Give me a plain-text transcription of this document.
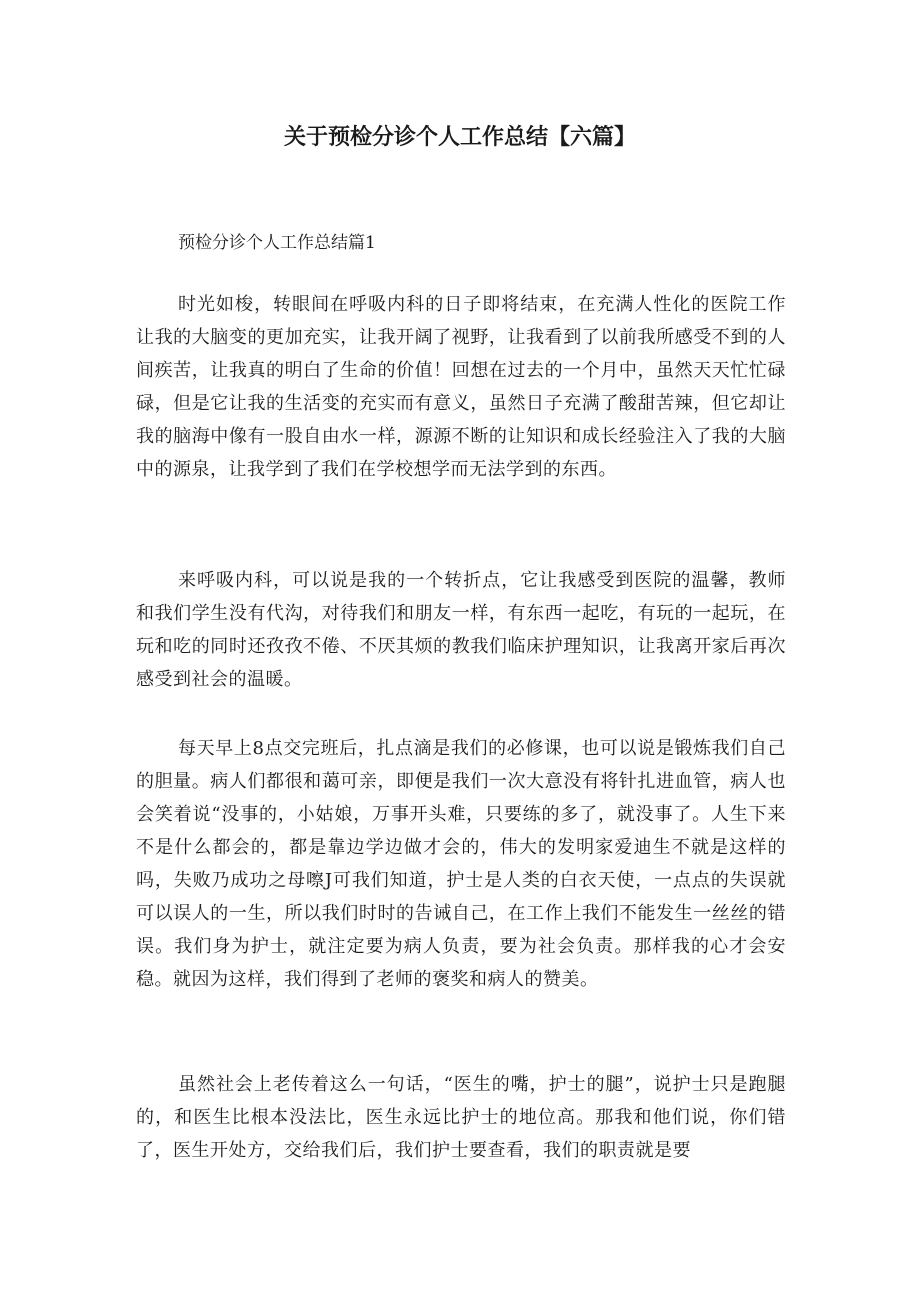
关于预检分诊个人工作总结【六篇】

预检分诊个人工作总结篇1

时光如梭，转眼间在呼吸内科的日子即将结束，在充满人性化的医院工作让我的大脑变的更加充实，让我开阔了视野，让我看到了以前我所感受不到的人间疾苦，让我真的明白了生命的价值！回想在过去的一个月中，虽然天天忙忙碌碌，但是它让我的生活变的充实而有意义，虽然日子充满了酸甜苦辣，但它却让我的脑海中像有一股自由水一样，源源不断的让知识和成长经验注入了我的大脑中的源泉，让我学到了我们在学校想学而无法学到的东西。

来呼吸内科，可以说是我的一个转折点，它让我感受到医院的温馨，教师和我们学生没有代沟，对待我们和朋友一样，有东西一起吃，有玩的一起玩，在玩和吃的同时还孜孜不倦、不厌其烦的教我们临床护理知识，让我离开家后再次感受到社会的温暖。

每天早上8点交完班后，扎点滴是我们的必修课，也可以说是锻炼我们自己的胆量。病人们都很和蔼可亲，即便是我们一次大意没有将针扎进血管，病人也会笑着说“没事的，小姑娘，万事开头难，只要练的多了，就没事了。人生下来不是什么都会的，都是靠边学边做才会的，伟大的发明家爱迪生不就是这样的吗，失败乃成功之母嚓J可我们知道，护士是人类的白衣天使，一点点的失误就可以误人的一生，所以我们时时的告诫自己，在工作上我们不能发生一丝丝的错误。我们身为护士，就注定要为病人负责，要为社会负责。那样我的心才会安稳。就因为这样，我们得到了老师的褒奖和病人的赞美。

虽然社会上老传着这么一句话，“医生的嘴，护士的腿”，说护士只是跑腿的，和医生比根本没法比，医生永远比护士的地位高。那我和他们说，你们错了，医生开处方，交给我们后，我们护士要查看，我们的职责就是要
